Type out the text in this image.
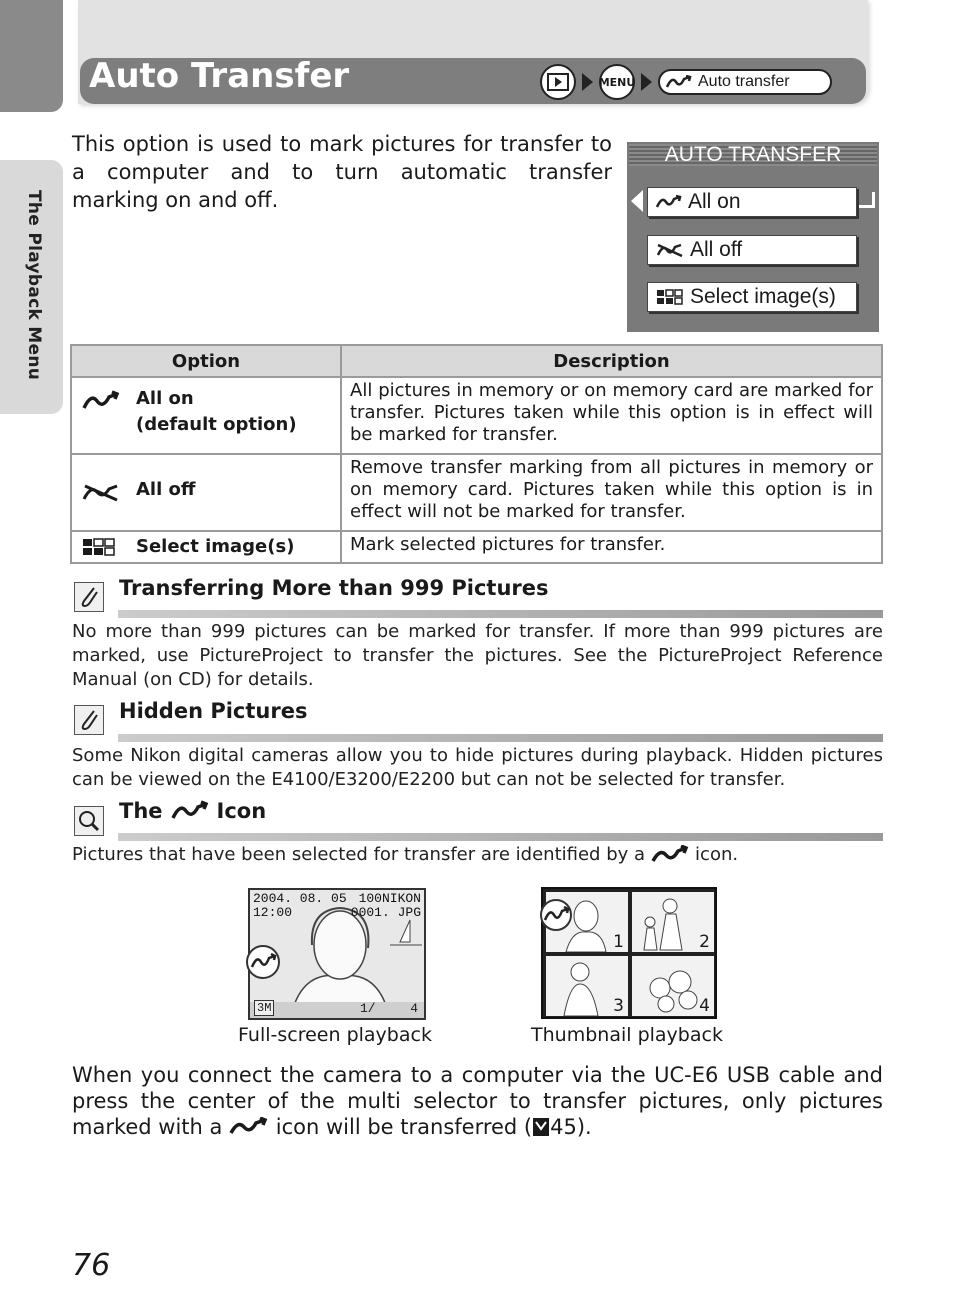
The Playback Menu
Auto Transfer	MENU	Auto transfer
This option is used to mark pictures for transfer to a computer and to turn automatic transfer marking on and off.
AUTO TRANSFER
All on
All off
Select image(s)
Option	Description

All on
(default option)	All pictures in memory or on memory card are marked for transfer. Pictures taken while this option is in effect will be marked for transfer.

All off	Remove transfer marking from all pictures in memory or on memory card. Pictures taken while this option is in effect will not be marked for transfer.

Select image(s)	Mark selected pictures for transfer.
Transferring More than 999 Pictures
No more than 999 pictures can be marked for transfer. If more than 999 pictures are marked, use PictureProject to transfer the pictures. See the PictureProject Reference Manual (on CD) for details.
Hidden Pictures
Some Nikon digital cameras allow you to hide pictures during playback. Hidden pictures can be viewed on the E4100/E3200/E2200 but can not be selected for transfer.
The	Icon
Pictures that have been selected for transfer are identified by a	icon.
2004. 08. 05
12:00
100NIKON
0001. JPG
3M	1/	4
Full-screen playback
1	2
3	4
Thumbnail playback
When you connect the camera to a computer via the UC-E6 USB cable and press the center of the multi selector to transfer pictures, only pictures marked with a	icon will be transferred ( 45).
76
